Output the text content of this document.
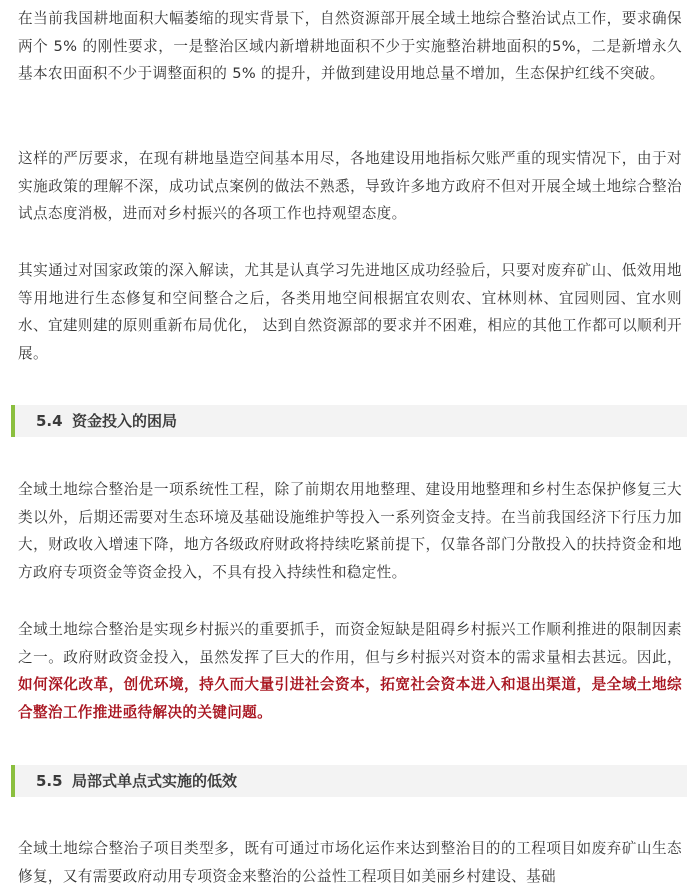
在当前我国耕地面积大幅萎缩的现实背景下，自然资源部开展全域土地综合整治试点工作，要求确保两个 5% 的刚性要求，一是整治区域内新增耕地面积不少于实施整治耕地面积的5%，二是新增永久基本农田面积不少于调整面积的 5% 的提升，并做到建设用地总量不增加，生态保护红线不突破。

这样的严厉要求，在现有耕地垦造空间基本用尽，各地建设用地指标欠账严重的现实情况下，由于对实施政策的理解不深，成功试点案例的做法不熟悉，导致许多地方政府不但对开展全域土地综合整治试点态度消极，进而对乡村振兴的各项工作也持观望态度。

其实通过对国家政策的深入解读，尤其是认真学习先进地区成功经验后，只要对废弃矿山、低效用地等用地进行生态修复和空间整合之后，各类用地空间根据宜农则农、宜林则林、宜园则园、宜水则水、宜建则建的原则重新布局优化， 达到自然资源部的要求并不困难，相应的其他工作都可以顺利开展。

全域土地综合整治是一项系统性工程，除了前期农用地整理、建设用地整理和乡村生态保护修复三大类以外，后期还需要对生态环境及基础设施维护等投入一系列资金支持。在当前我国经济下行压力加大，财政收入增速下降，地方各级政府财政将持续吃紧前提下，仅靠各部门分散投入的扶持资金和地方政府专项资金等资金投入，不具有投入持续性和稳定性。

全域土地综合整治是实现乡村振兴的重要抓手，而资金短缺是阻碍乡村振兴工作顺利推进的限制因素之一。政府财政资金投入，虽然发挥了巨大的作用，但与乡村振兴对资本的需求量相去甚远。因此，如何深化改革，创优环境，持久而大量引进社会资本，拓宽社会资本进入和退出渠道，是全域土地综合整治工作推进亟待解决的关键问题。

全域土地综合整治子项目类型多，既有可通过市场化运作来达到整治目的的工程项目如废弃矿山生态修复，又有需要政府动用专项资金来整治的公益性工程项目如美丽乡村建设、基础

5.4 资金投入的困局
5.5 局部式单点式实施的低效
